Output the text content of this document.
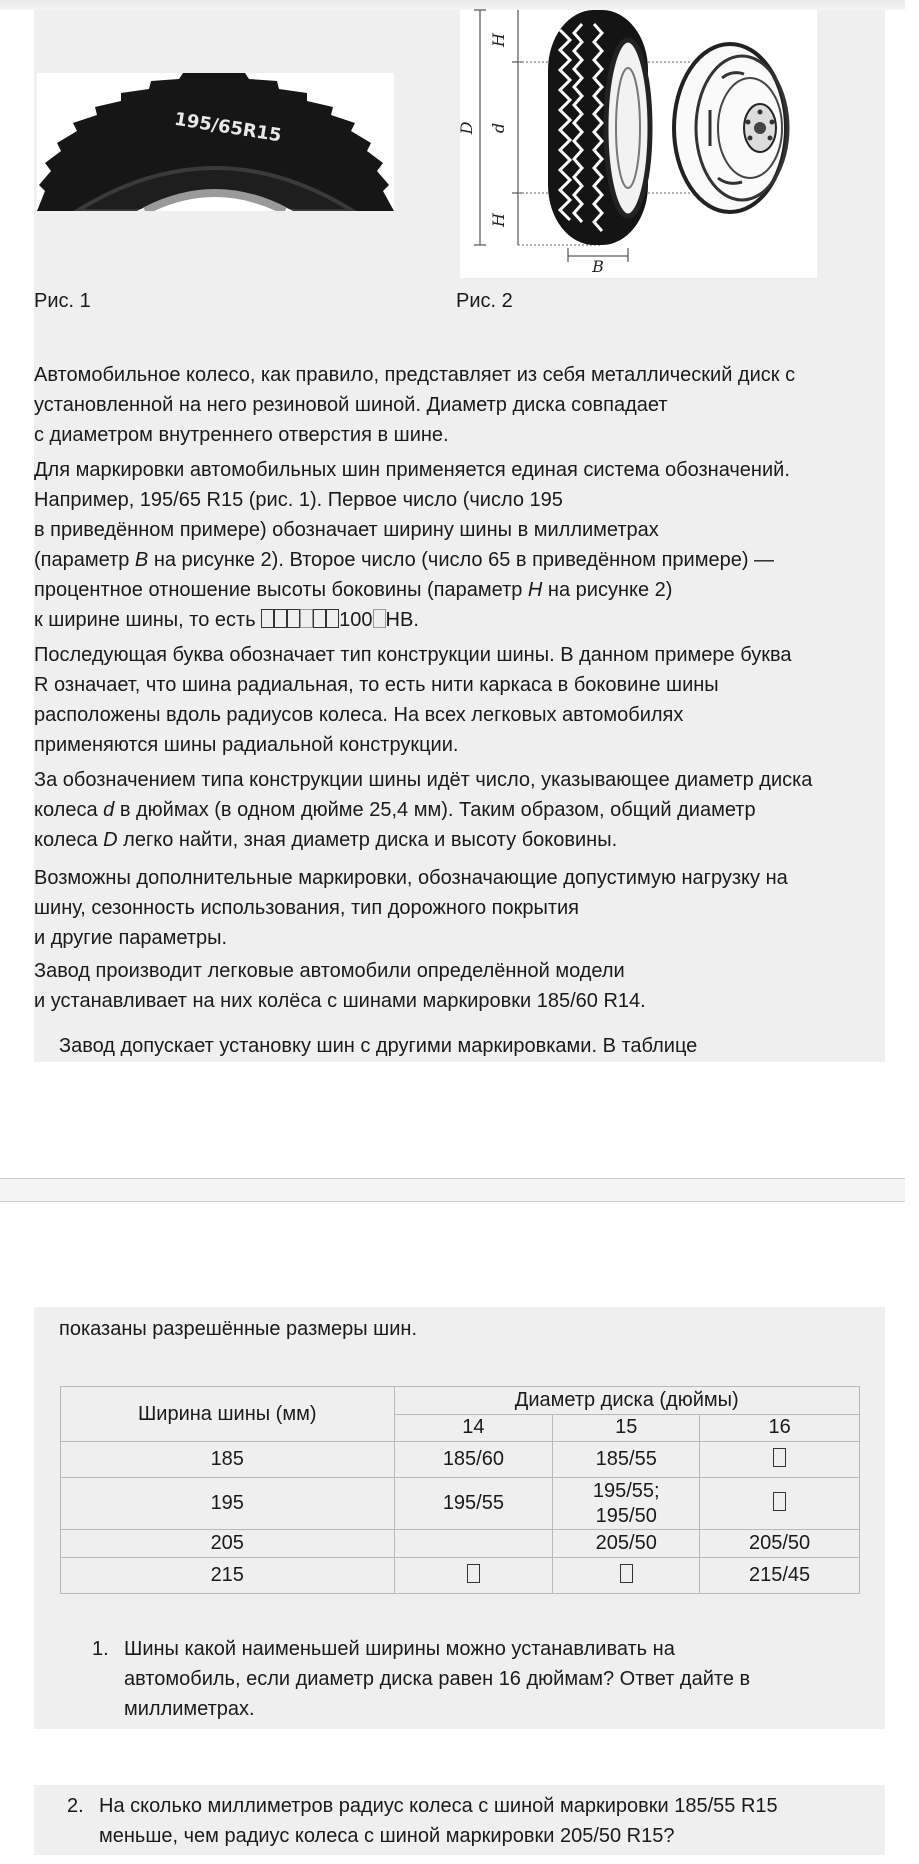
195/65R15
H
d
D
H
B
Рис. 1	Рис. 2
Автомобильное колесо, как правило, представляет из себя металлический диск с
установленной на него резиновой шиной. Диаметр диска совпадает
с диаметром внутреннего отверстия в шине.
Для маркировки автомобильных шин применяется единая система обозначений.
Например, 195/65 R15 (рис. 1). Первое число (число 195
в приведённом примере) обозначает ширину шины в миллиметрах
(параметр B на рисунке 2). Второе число (число 65 в приведённом примере) —
процентное отношение высоты боковины (параметр H на рисунке 2)
к ширине шины, то есть	100 HB.
Последующая буква обозначает тип конструкции шины. В данном примере буква
R означает, что шина радиальная, то есть нити каркаса в боковине шины
расположены вдоль радиусов колеса. На всех легковых автомобилях
применяются шины радиальной конструкции.
За обозначением типа конструкции шины идёт число, указывающее диаметр диска
колеса d в дюймах (в одном дюйме 25,4 мм). Таким образом, общий диаметр
колеса D легко найти, зная диаметр диска и высоту боковины.
Возможны дополнительные маркировки, обозначающие допустимую нагрузку на
шину, сезонность использования, тип дорожного покрытия
и другие параметры.
Завод производит легковые автомобили определённой модели
и устанавливает на них колёса с шинами маркировки 185/60 R14.
Завод допускает установку шин с другими маркировками. В таблице
показаны разрешённые размеры шин.
Ширина шины (мм)	Диаметр диска (дюймы)		
	14	15	16
185	185/60	185/55	
195	195/55	195/55;
195/50	

205		205/50	205/50
215			215/45
1. Шины какой наименьшей ширины можно устанавливать на
автомобиль, если диаметр диска равен 16 дюймам? Ответ дайте в
миллиметрах.
2. На сколько миллиметров радиус колеса с шиной маркировки 185/55 R15
меньше, чем радиус колеса с шиной маркировки 205/50 R15?
